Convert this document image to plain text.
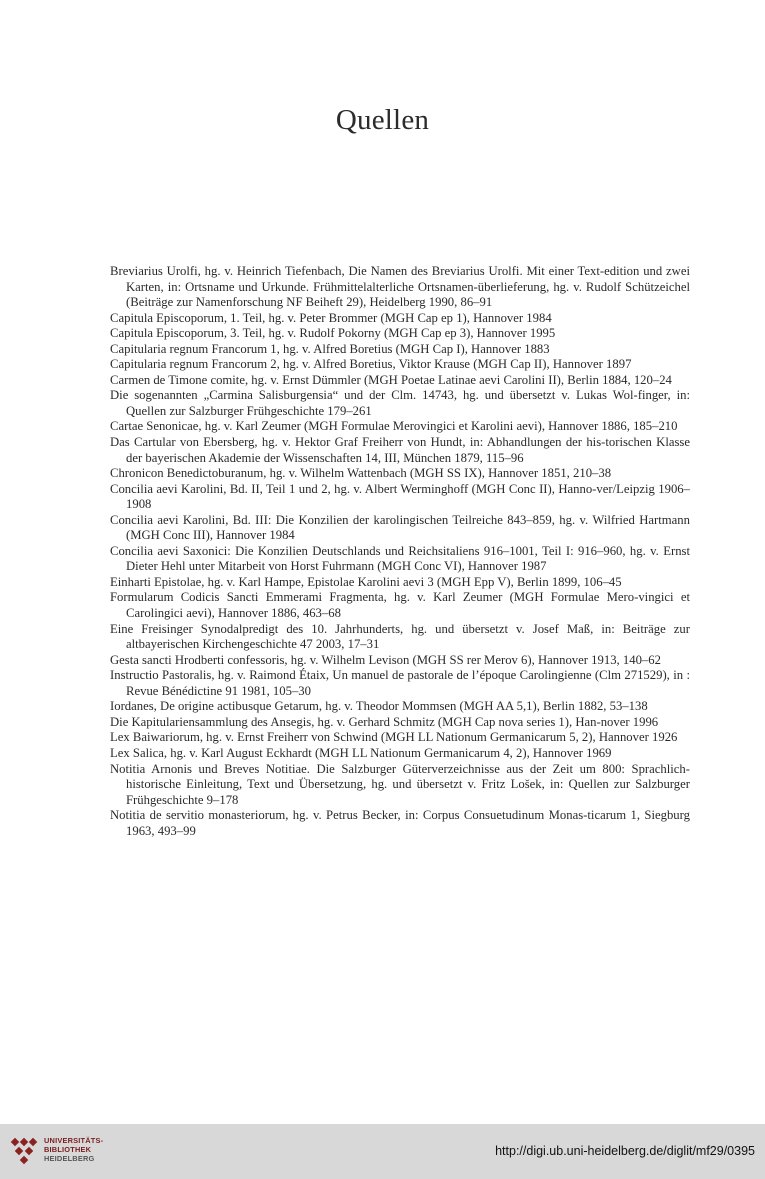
Quellen
Breviarius Urolfi, hg. v. Heinrich Tiefenbach, Die Namen des Breviarius Urolfi. Mit einer Text-edition und zwei Karten, in: Ortsname und Urkunde. Frühmittelalterliche Ortsnamen-überlieferung, hg. v. Rudolf Schützeichel (Beiträge zur Namenforschung NF Beiheft 29), Heidelberg 1990, 86–91
Capitula Episcoporum, 1. Teil, hg. v. Peter Brommer (MGH Cap ep 1), Hannover 1984
Capitula Episcoporum, 3. Teil, hg. v. Rudolf Pokorny (MGH Cap ep 3), Hannover 1995
Capitularia regnum Francorum 1, hg. v. Alfred Boretius (MGH Cap I), Hannover 1883
Capitularia regnum Francorum 2, hg. v. Alfred Boretius, Viktor Krause (MGH Cap II), Hannover 1897
Carmen de Timone comite, hg. v. Ernst Dümmler (MGH Poetae Latinae aevi Carolini II), Berlin 1884, 120–24
Die sogenannten „Carmina Salisburgensia“ und der Clm. 14743, hg. und übersetzt v. Lukas Wol-finger, in: Quellen zur Salzburger Frühgeschichte 179–261
Cartae Senonicae, hg. v. Karl Zeumer (MGH Formulae Merovingici et Karolini aevi), Hannover 1886, 185–210
Das Cartular von Ebersberg, hg. v. Hektor Graf Freiherr von Hundt, in: Abhandlungen der his-torischen Klasse der bayerischen Akademie der Wissenschaften 14, III, München 1879, 115–96
Chronicon Benedictoburanum, hg. v. Wilhelm Wattenbach (MGH SS IX), Hannover 1851, 210–38
Concilia aevi Karolini, Bd. II, Teil 1 und 2, hg. v. Albert Werminghoff (MGH Conc II), Hanno-ver/Leipzig 1906–1908
Concilia aevi Karolini, Bd. III: Die Konzilien der karolingischen Teilreiche 843–859, hg. v. Wilfried Hartmann (MGH Conc III), Hannover 1984
Concilia aevi Saxonici: Die Konzilien Deutschlands und Reichsitaliens 916–1001, Teil I: 916–960, hg. v. Ernst Dieter Hehl unter Mitarbeit von Horst Fuhrmann (MGH Conc VI), Hannover 1987
Einharti Epistolae, hg. v. Karl Hampe, Epistolae Karolini aevi 3 (MGH Epp V), Berlin 1899, 106–45
Formularum Codicis Sancti Emmerami Fragmenta, hg. v. Karl Zeumer (MGH Formulae Mero-vingici et Carolingici aevi), Hannover 1886, 463–68
Eine Freisinger Synodalpredigt des 10. Jahrhunderts, hg. und übersetzt v. Josef Maß, in: Beiträge zur altbayerischen Kirchengeschichte 47 2003, 17–31
Gesta sancti Hrodberti confessoris, hg. v. Wilhelm Levison (MGH SS rer Merov 6), Hannover 1913, 140–62
Instructio Pastoralis, hg. v. Raimond Étaix, Un manuel de pastorale de l’époque Carolingienne (Clm 271529), in : Revue Bénédictine 91 1981, 105–30
Iordanes, De origine actibusque Getarum, hg. v. Theodor Mommsen (MGH AA 5,1), Berlin 1882, 53–138
Die Kapitulariensammlung des Ansegis, hg. v. Gerhard Schmitz (MGH Cap nova series 1), Han-nover 1996
Lex Baiwariorum, hg. v. Ernst Freiherr von Schwind (MGH LL Nationum Germanicarum 5, 2), Hannover 1926
Lex Salica, hg. v. Karl August Eckhardt (MGH LL Nationum Germanicarum 4, 2), Hannover 1969
Notitia Arnonis und Breves Notitiae. Die Salzburger Güterverzeichnisse aus der Zeit um 800: Sprachlich-historische Einleitung, Text und Übersetzung, hg. und übersetzt v. Fritz Lošek, in: Quellen zur Salzburger Frühgeschichte 9–178
Notitia de servitio monasteriorum, hg. v. Petrus Becker, in: Corpus Consuetudinum Monas-ticarum 1, Siegburg 1963, 493–99
UNIVERSITÄTS-
BIBLIOTHEK
HEIDELBERG
http://digi.ub.uni-heidelberg.de/diglit/mf29/0395
